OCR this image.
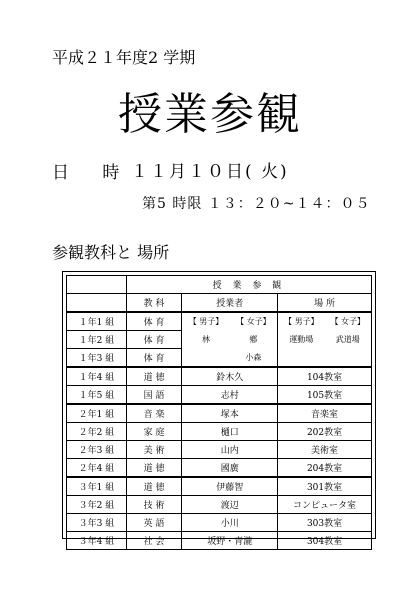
平成２１年度2 学期
授業参観
日 時
１１月１０日( 火)
第5 時限 １３：２０~１４：０５
参観教科と 場所
	授 業 参 観		
	教 科	授業者	場 所
１年1 組	体 育	【 男子】 【 女子】	【 男子】 【 女子】

１年2 組	体 育	林 鄕	運動場 武道場

１年3 組	体 育	小森	

１年4 組	道 徳	鈴木久	104教室
１年5 組	国 語	志村	105教室
２年1 組	音 楽	塚本	音楽室
２年2 組	家 庭	樋口	202教室
２年3 組	美 術	山内	美術室
２年4 組	道 徳	國廣	204教室
３年1 組	道 徳	伊藤智	301教室
３年2 組	技 術	渡辺	コンピュータ室
３年3 組	英 語	小川	303教室
３年4 組	社 会	坂野・青瀧	304教室
